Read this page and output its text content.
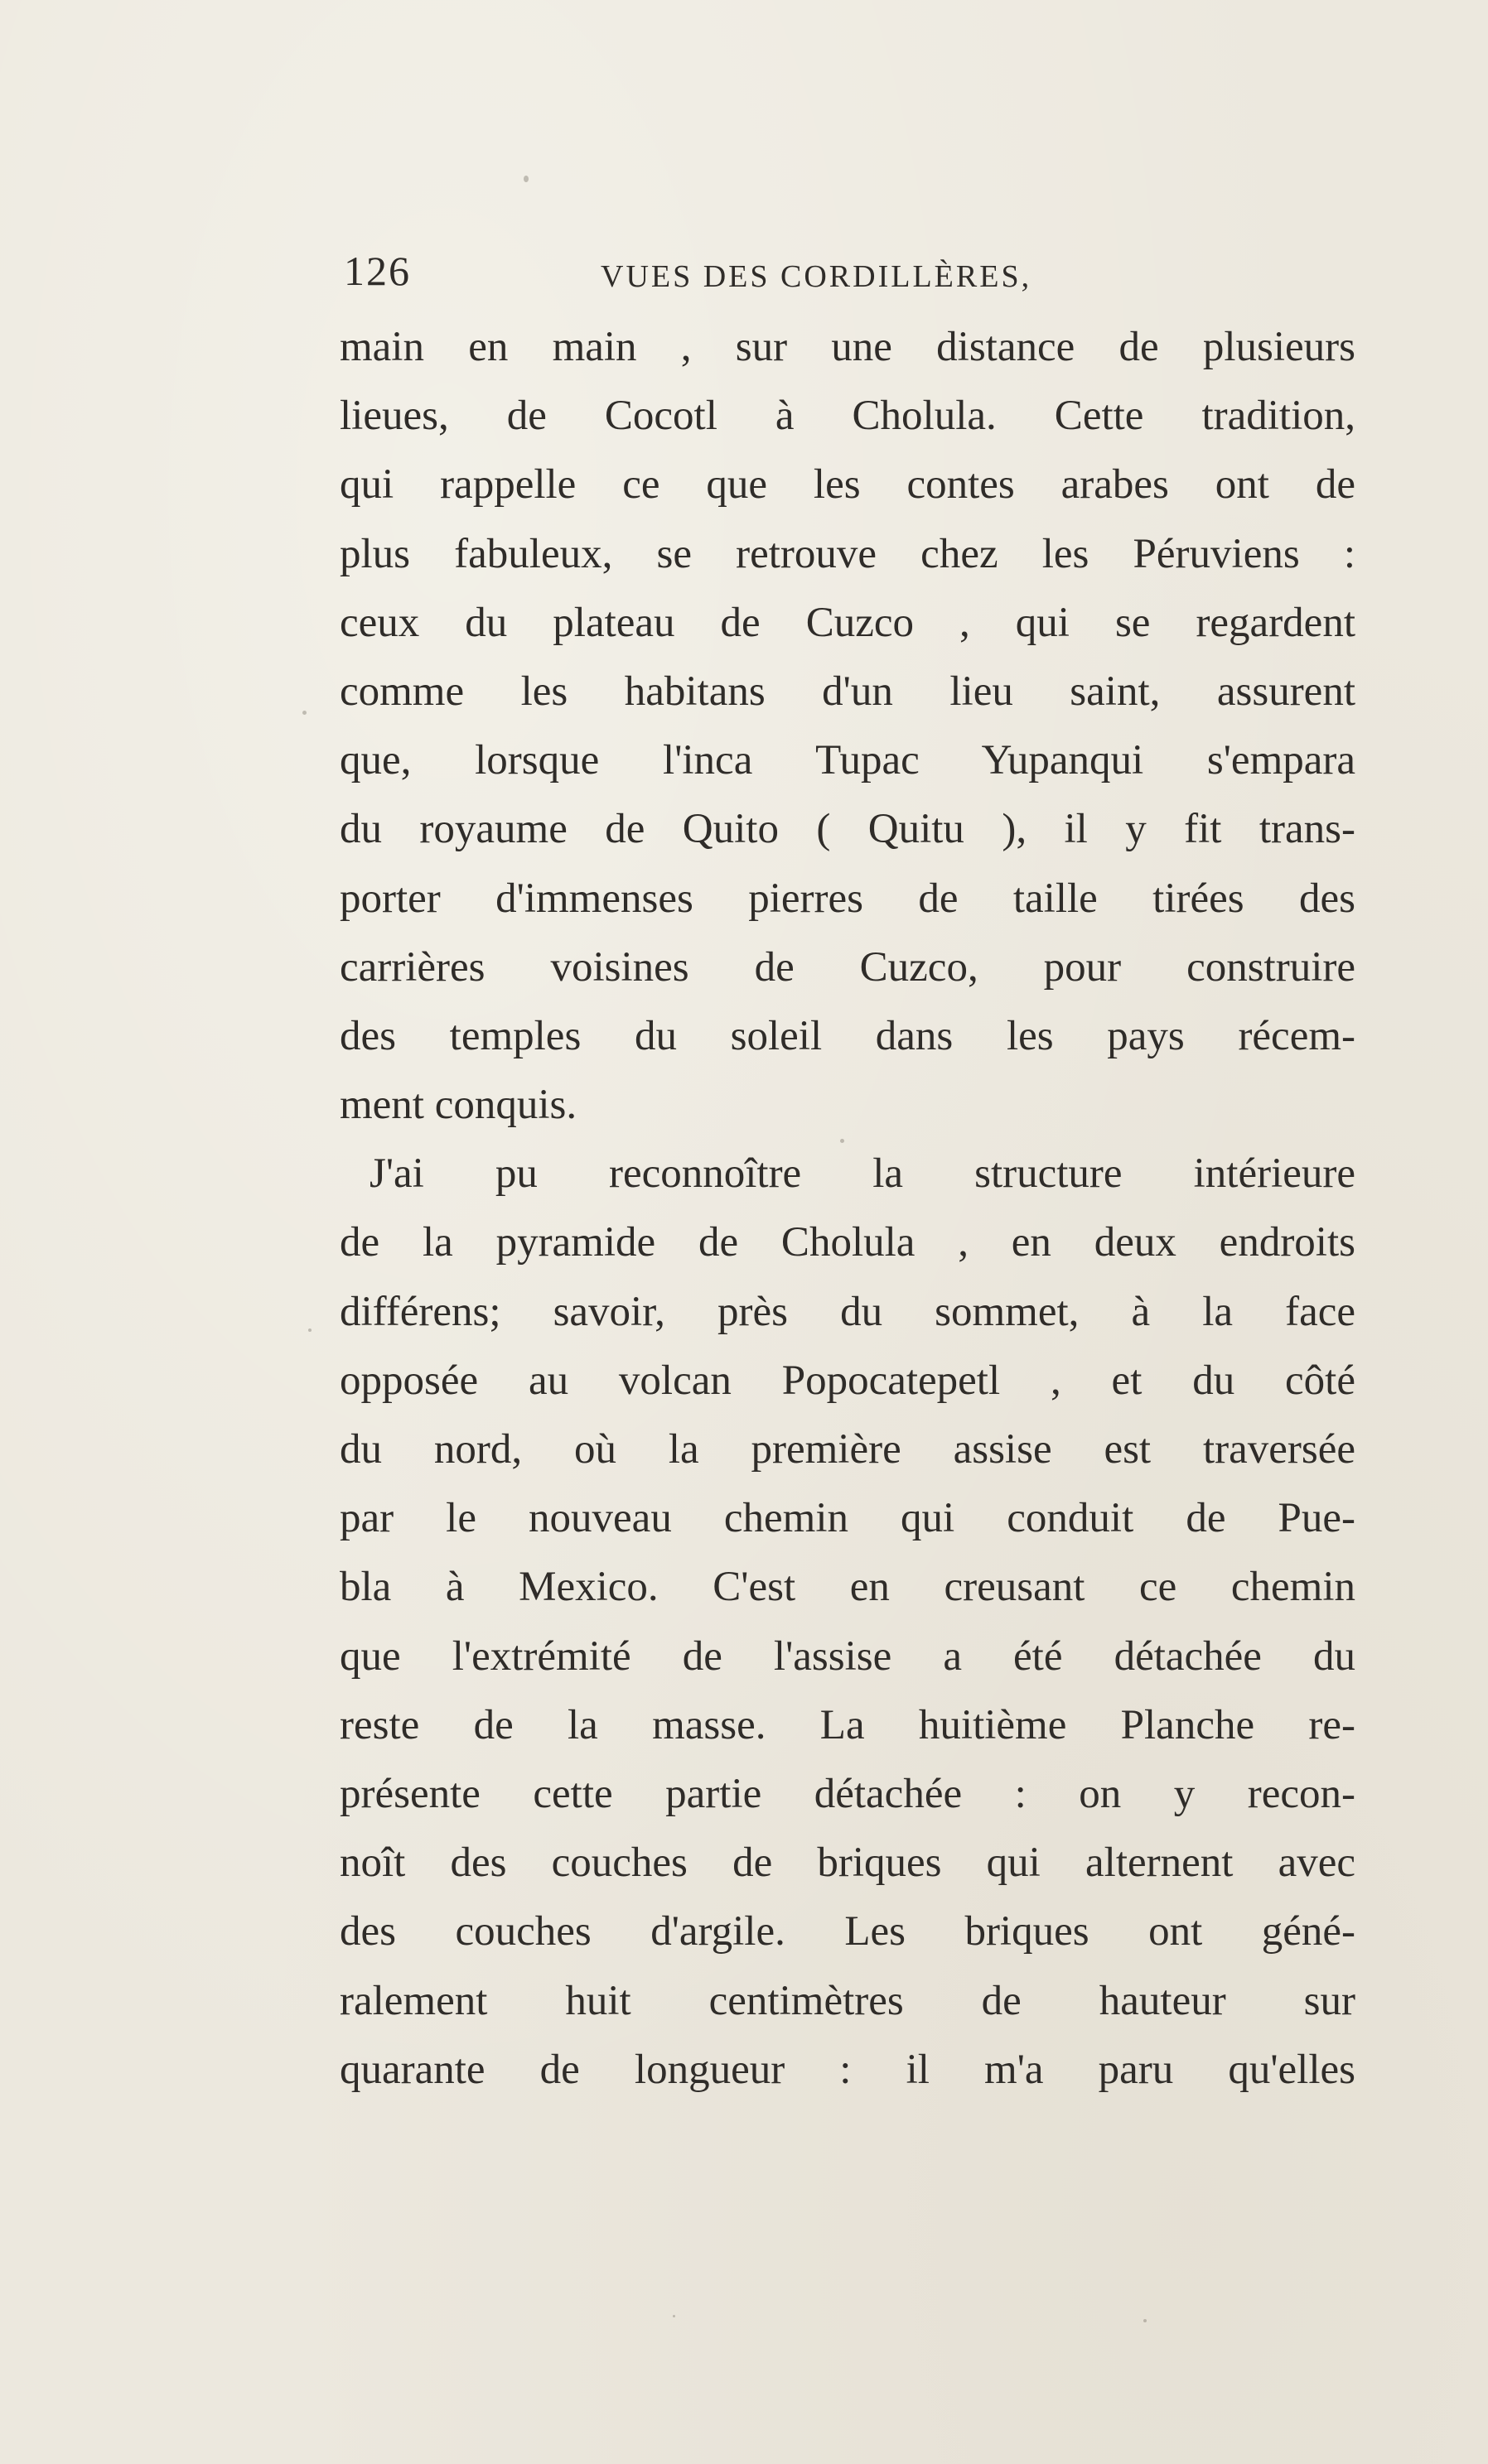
126	VUES DES CORDILLÈRES,
main en main , sur une distance de plusieurs
lieues, de Cocotl à Cholula. Cette tradition,
qui rappelle ce que les contes arabes ont de
plus fabuleux, se retrouve chez les Péruviens :
ceux du plateau de Cuzco , qui se regardent
comme les habitans d'un lieu saint, assurent
que, lorsque l'inca Tupac Yupanqui s'empara
du royaume de Quito ( Quitu ), il y fit trans-
porter d'immenses pierres de taille tirées des
carrières voisines de Cuzco, pour construire
des temples du soleil dans les pays récem-
ment conquis.
J'ai pu reconnoître la structure intérieure
de la pyramide de Cholula , en deux endroits
différens; savoir, près du sommet, à la face
opposée au volcan Popocatepetl , et du côté
du nord, où la première assise est traversée
par le nouveau chemin qui conduit de Pue-
bla à Mexico. C'est en creusant ce chemin
que l'extrémité de l'assise a été détachée du
reste de la masse. La huitième Planche re-
présente cette partie détachée : on y recon-
noît des couches de briques qui alternent avec
des couches d'argile. Les briques ont géné-
ralement huit centimètres de hauteur sur
quarante de longueur : il m'a paru qu'elles
